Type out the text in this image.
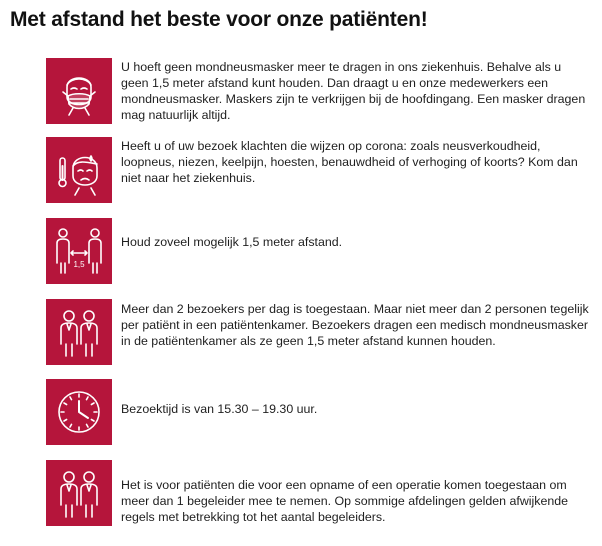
Met afstand het beste voor onze patiënten!
U hoeft geen mondneusmasker meer te dragen in ons ziekenhuis. Behalve als u geen 1,5 meter afstand kunt houden. Dan draagt u en onze medewerkers een mondneusmasker. Maskers zijn te verkrijgen bij de hoofdingang. Een masker dragen mag natuurlijk altijd.
Heeft u of uw bezoek klachten die wijzen op corona: zoals neusverkoudheid, loopneus, niezen, keelpijn, hoesten, benauwdheid of verhoging of koorts? Kom dan niet naar het ziekenhuis.
1,5
Houd zoveel mogelijk 1,5 meter afstand.
Meer dan 2 bezoekers per dag is toegestaan. Maar niet meer dan 2 personen tegelijk per patiënt in een patiëntenkamer. Bezoekers dragen een medisch mondneusmasker in de patiëntenkamer als ze geen 1,5 meter afstand kunnen houden.
Bezoektijd is van 15.30 – 19.30 uur.
Het is voor patiënten die voor een opname of een operatie komen toegestaan om meer dan 1 begeleider mee te nemen. Op sommige afdelingen gelden afwijkende regels met betrekking tot het aantal begeleiders.
